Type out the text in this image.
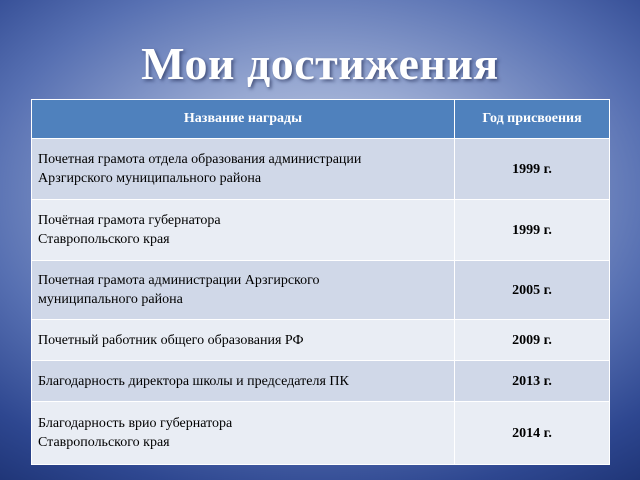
Мои достижения
Название награды	Год присвоения
Почетная грамота отдела образования администрации
Арзгирского муниципального района	1999 г.
Почётная грамота губернатора
Ставропольского края	1999 г.
Почетная грамота администрации Арзгирского
муниципального района	2005 г.
Почетный работник общего образования РФ	2009 г.
Благодарность директора школы и председателя ПК	2013 г.
Благодарность врио губернатора
Ставропольского края	2014 г.
